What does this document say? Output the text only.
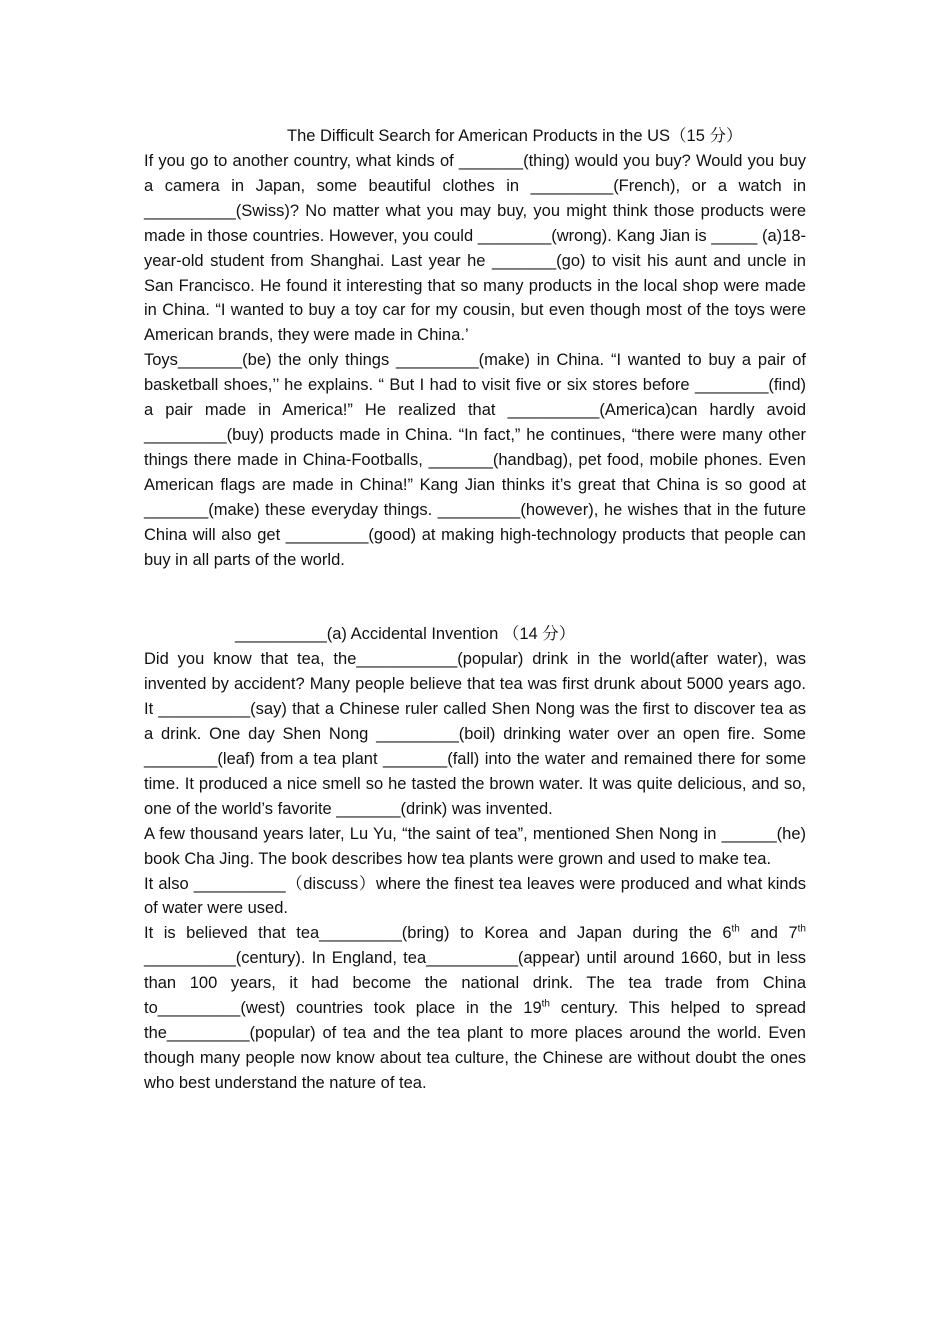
The Difficult Search for American Products in the US（15 分）

If you go to another country, what kinds of _______(thing) would you buy? Would you buy a camera in Japan, some beautiful clothes in _________(French), or a watch in __________(Swiss)? No matter what you may buy, you might think those products were made in those countries. However, you could ________(wrong). Kang Jian is _____ (a)18-year-old student from Shanghai. Last year he _______(go) to visit his aunt and uncle in San Francisco. He found it interesting that so many products in the local shop were made in China. “I wanted to buy a toy car for my cousin, but even though most of the toys were American brands, they were made in China.’

Toys_______(be) the only things _________(make) in China. “I wanted to buy a pair of basketball shoes,’’ he explains. “ But I had to visit five or six stores before ________(find) a pair made in America!” He realized that __________(America)can hardly avoid _________(buy) products made in China. “In fact,” he continues, “there were many other things there made in China-Footballs, _______(handbag), pet food, mobile phones. Even American flags are made in China!” Kang Jian thinks it’s great that China is so good at _______(make) these everyday things. _________(however), he wishes that in the future China will also get _________(good) at making high-technology products that people can buy in all parts of the world.

__________(a) Accidental Invention （14 分）

Did you know that tea, the___________(popular) drink in the world(after water), was invented by accident? Many people believe that tea was first drunk about 5000 years ago. It __________(say) that a Chinese ruler called Shen Nong was the first to discover tea as a drink. One day Shen Nong _________(boil) drinking water over an open fire. Some ________(leaf) from a tea plant _______(fall) into the water and remained there for some time. It produced a nice smell so he tasted the brown water. It was quite delicious, and so, one of the world’s favorite _______(drink) was invented.

A few thousand years later, Lu Yu, “the saint of tea”, mentioned Shen Nong in ______(he) book Cha Jing. The book describes how tea plants were grown and used to make tea.

It also __________（discuss）where the finest tea leaves were produced and what kinds of water were used.

It is believed that tea_________(bring) to Korea and Japan during the 6th and 7th __________(century). In England, tea__________(appear) until around 1660, but in less than 100 years, it had become the national drink. The tea trade from China to_________(west) countries took place in the 19th century. This helped to spread the_________(popular) of tea and the tea plant to more places around the world. Even though many people now know about tea culture, the Chinese are without doubt the ones who best understand the nature of tea.
